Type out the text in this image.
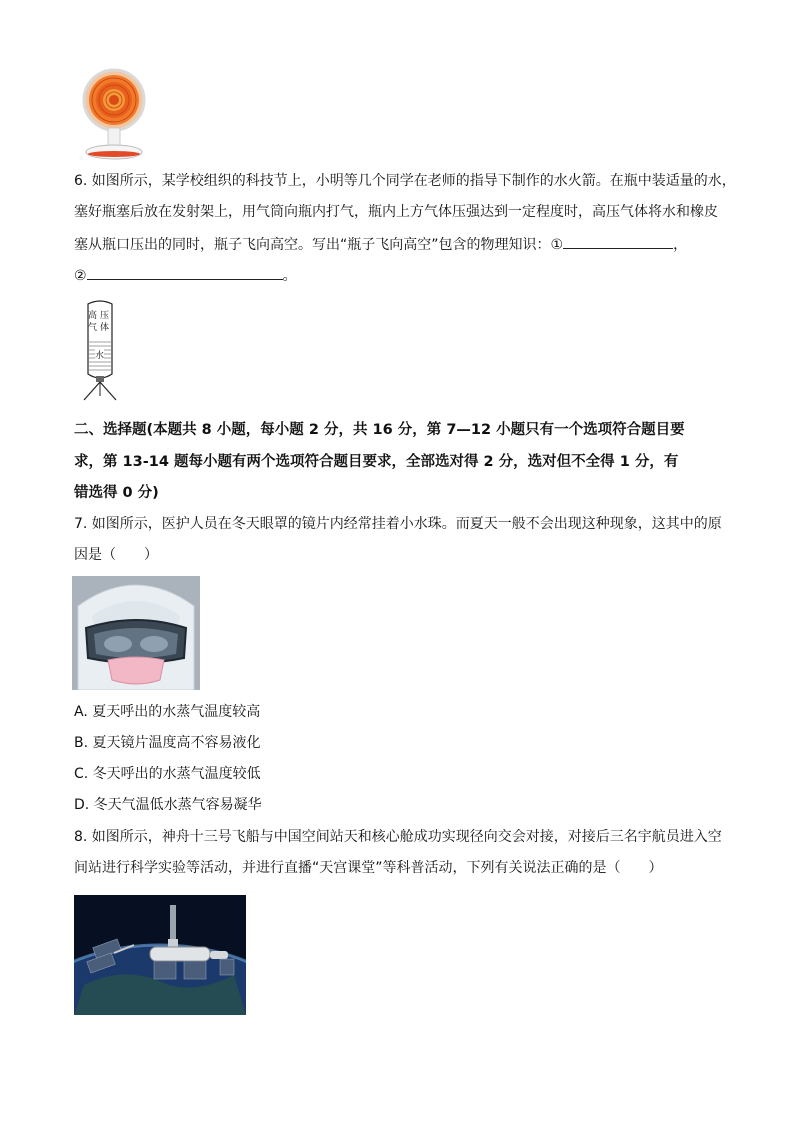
6. 如图所示，某学校组织的科技节上，小明等几个同学在老师的指导下制作的水火箭。在瓶中装适量的水，
塞好瓶塞后放在发射架上，用气筒向瓶内打气，瓶内上方气体压强达到一定程度时，高压气体将水和橡皮
塞从瓶口压出的同时，瓶子飞向高空。写出“瓶子飞向高空”包含的物理知识：①	，
②	。
高 压
气 体
水
二、选择题(本题共 8 小题，每小题 2 分，共 16 分，第 7—12 小题只有一个选项符合题目要
求，第 13-14 题每小题有两个选项符合题目要求，全部选对得 2 分，选对但不全得 1 分，有
错选得 0 分)
7. 如图所示，医护人员在冬天眼罩的镜片内经常挂着小水珠。而夏天一般不会出现这种现象，这其中的原
因是（　　）
A. 夏天呼出的水蒸气温度较高
B. 夏天镜片温度高不容易液化
C. 冬天呼出的水蒸气温度较低
D. 冬天气温低水蒸气容易凝华
8. 如图所示，神舟十三号飞船与中国空间站天和核心舱成功实现径向交会对接，对接后三名宇航员进入空
间站进行科学实验等活动，并进行直播“天宫课堂”等科普活动，下列有关说法正确的是（　　）
